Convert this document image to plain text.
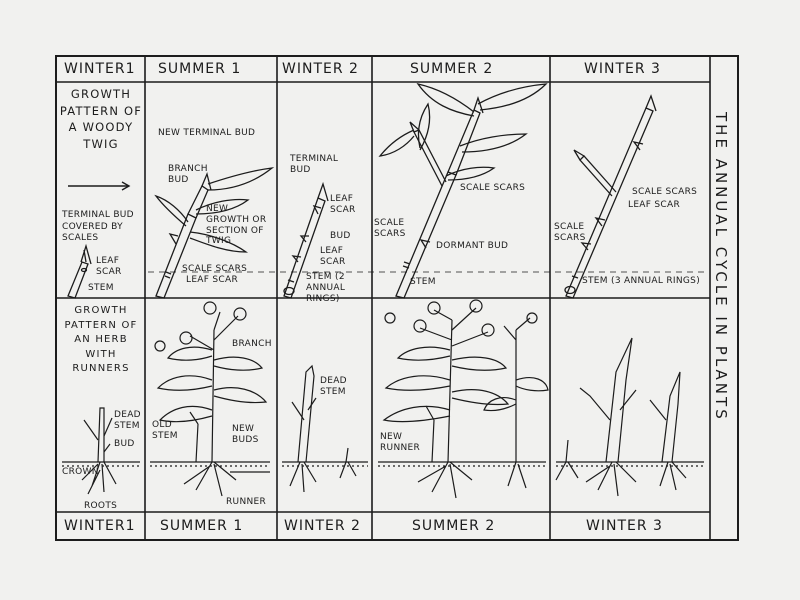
WINTER1 SUMMER 1	WINTER 2	SUMMER 2	WINTER 3
WINTER1 SUMMER 1	WINTER 2	SUMMER 2	WINTER 3
THE ANNUAL CYCLE IN PLANTS
GROWTH PATTERN OF A WOODY TWIG
GROWTH PATTERN OF AN HERB WITH RUNNERS
TERMINAL BUD COVERED BY SCALES
LEAF SCAR
STEM
NEW TERMINAL BUD
BRANCH BUD
NEW GROWTH OR SECTION OF TWIG
SCALE SCARS
LEAF SCAR
TERMINAL BUD
LEAF SCAR
BUD
LEAF SCAR
STEM (2 ANNUAL RINGS)
SCALE SCARS
SCALE SCARS
DORMANT BUD
STEM
SCALE SCARS
LEAF SCAR
SCALE SCARS
STEM (3 ANNUAL RINGS)
DEAD STEM
BUD
CROWN
ROOTS
BRANCH
OLD STEM
NEW BUDS
RUNNER
DEAD STEM
NEW RUNNER
